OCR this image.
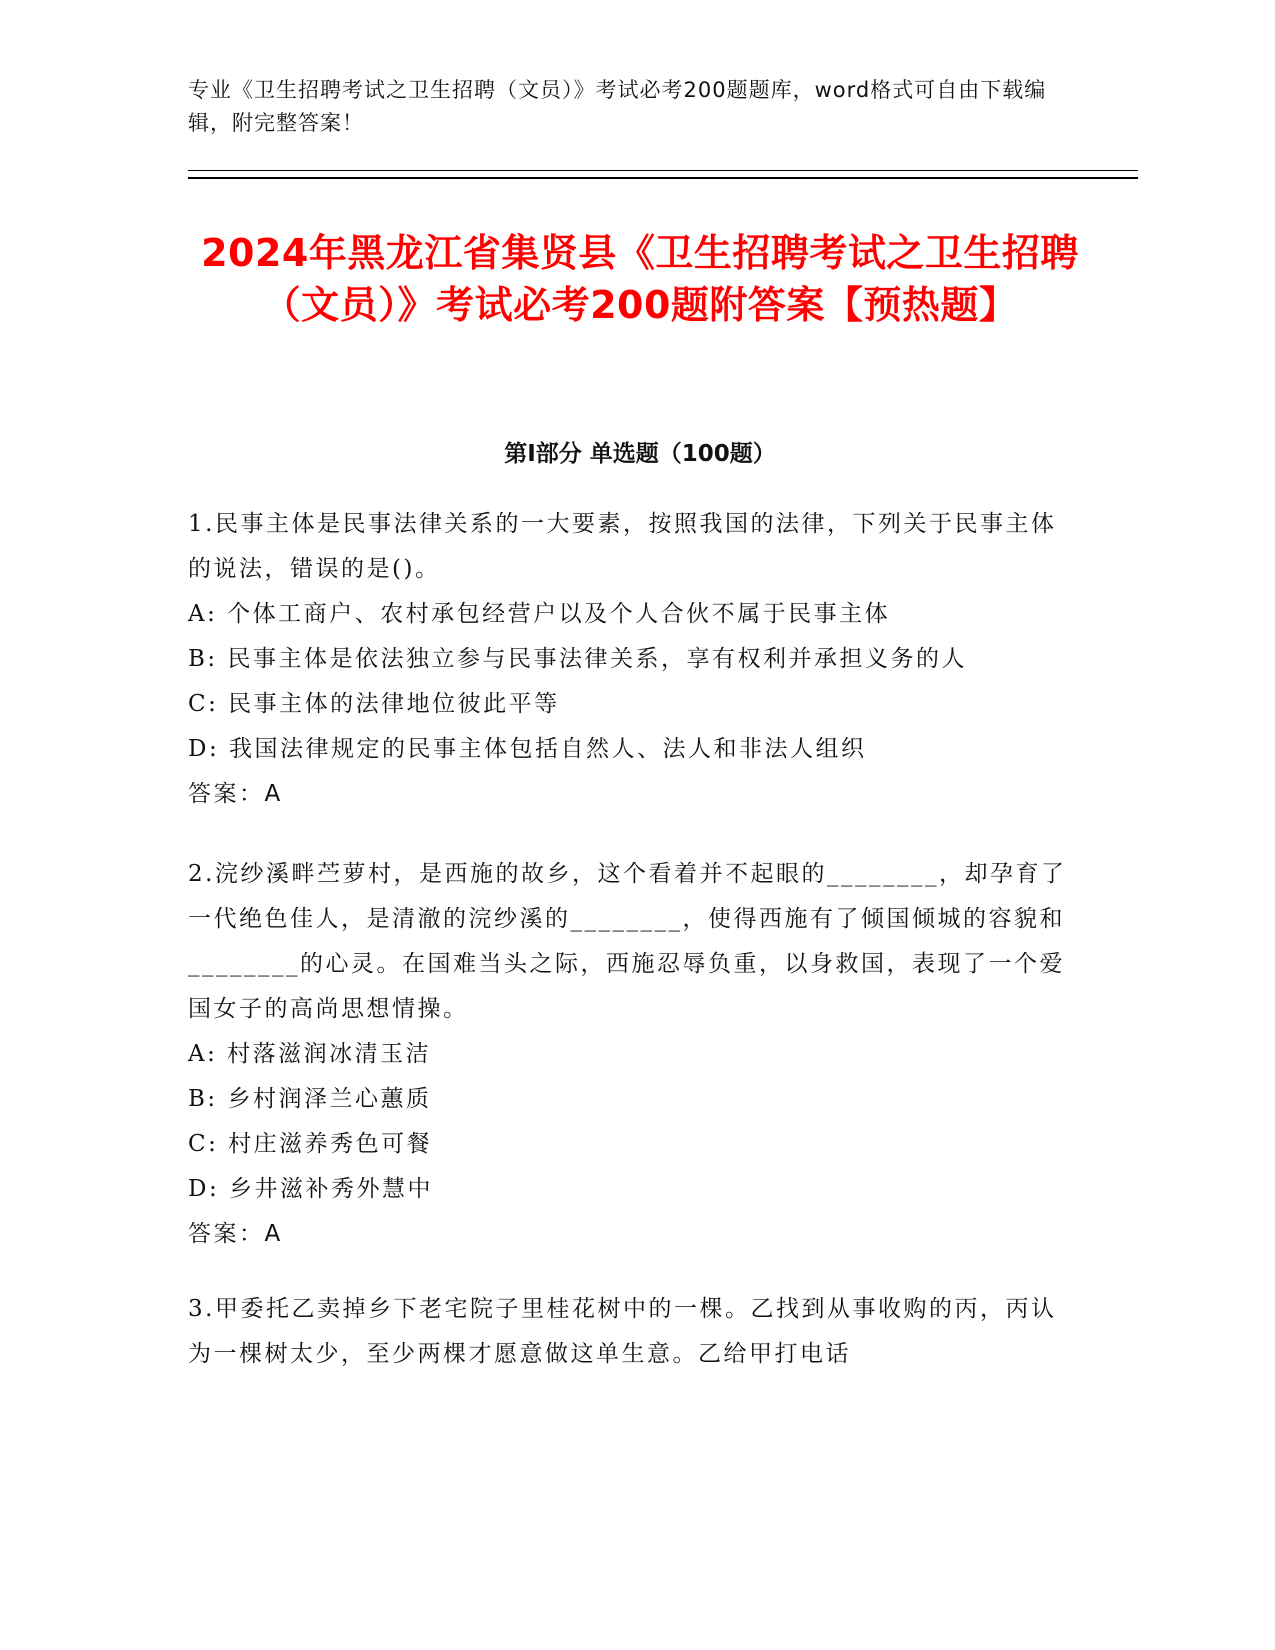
专业《卫生招聘考试之卫生招聘（文员）》考试必考200题题库，word格式可自由下载编辑，附完整答案！
2024年黑龙江省集贤县《卫生招聘考试之卫生招聘（文员）》考试必考200题附答案【预热题】
第Ⅰ部分 单选题（100题）

1.民事主体是民事法律关系的一大要素，按照我国的法律，下列关于民事主体的说法，错误的是()。

A: 个体工商户、农村承包经营户以及个人合伙不属于民事主体

B: 民事主体是依法独立参与民事法律关系，享有权利并承担义务的人

C: 民事主体的法律地位彼此平等

D: 我国法律规定的民事主体包括自然人、法人和非法人组织

答案：A

2.浣纱溪畔苎萝村，是西施的故乡，这个看着并不起眼的________，却孕育了一代绝色佳人，是清澈的浣纱溪的________，使得西施有了倾国倾城的容貌和________的心灵。在国难当头之际，西施忍辱负重，以身救国，表现了一个爱国女子的高尚思想情操。

A: 村落滋润冰清玉洁

B: 乡村润泽兰心蕙质

C: 村庄滋养秀色可餐

D: 乡井滋补秀外慧中

答案：A

3.甲委托乙卖掉乡下老宅院子里桂花树中的一棵。乙找到从事收购的丙，丙认为一棵树太少，至少两棵才愿意做这单生意。乙给甲打电话
